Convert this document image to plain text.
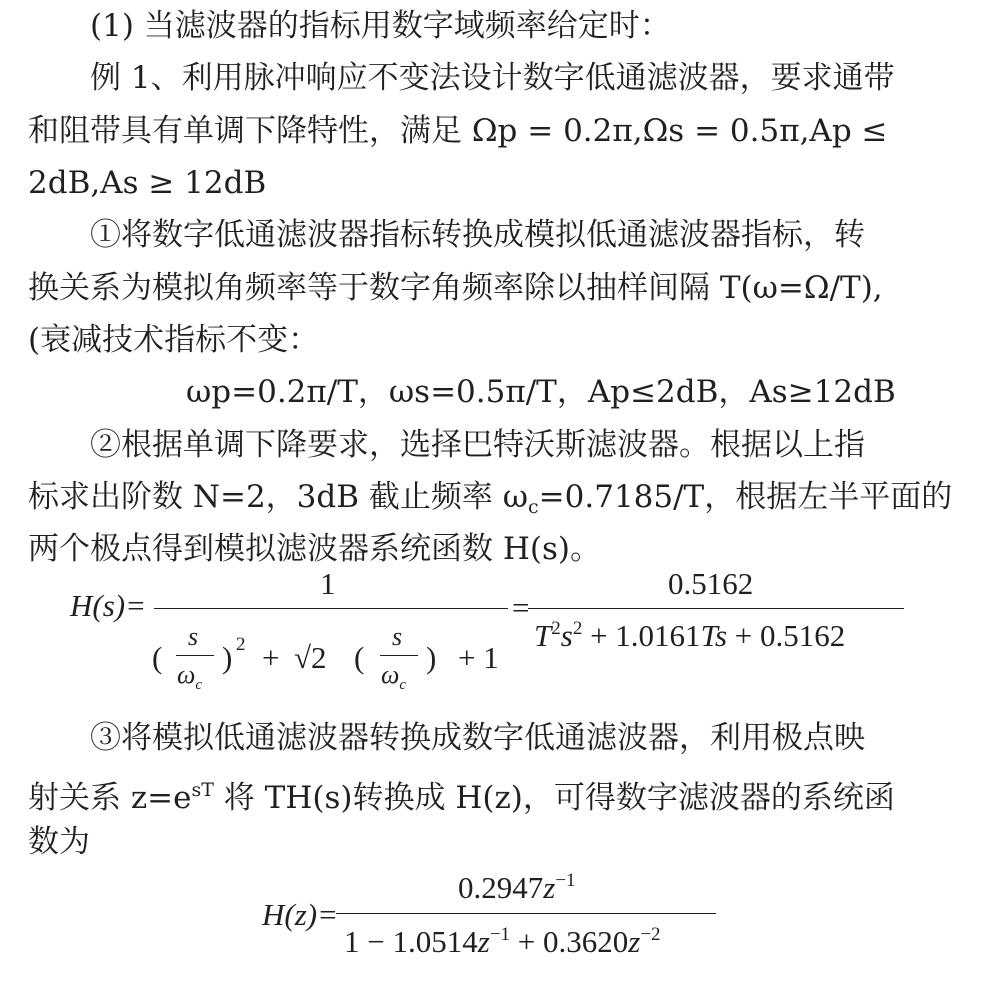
(1) 当滤波器的指标用数字域频率给定时：
例 1、利用脉冲响应不变法设计数字低通滤波器，要求通带
和阻带具有单调下降特性，满足 Ωp = 0.2π,Ωs = 0.5π,Ap ≤
2dB,As ≥ 12dB
①将数字低通滤波器指标转换成模拟低通滤波器指标，转
换关系为模拟角频率等于数字角频率除以抽样间隔 T(ω=Ω/T),
(衰减技术指标不变：
ωp=0.2π/T，ωs=0.5π/T，Ap≤2dB，As≥12dB
②根据单调下降要求，选择巴特沃斯滤波器。根据以上指
标求出阶数 N=2，3dB 截止频率 $\omega_c=0.7185/T$，根据左半平面的
两个极点得到模拟滤波器系统函数 H(s)。
H(s)=
1
(
s
$\omega_c$
) 2 + √2 (
s
$\omega_c$
) + 1
=
0.5162
$T^2s^2 + 1.0161Ts + 0.5162$
③将模拟低通滤波器转换成数字低通滤波器，利用极点映
射关系 $z=e^{sT}$ 将 TH(s)转换成 H(z)，可得数字滤波器的系统函
数为
H(z)=
$0.2947z^{-1}$
$1 - 1.0514z^{-1} + 0.3620z^{-2}$
